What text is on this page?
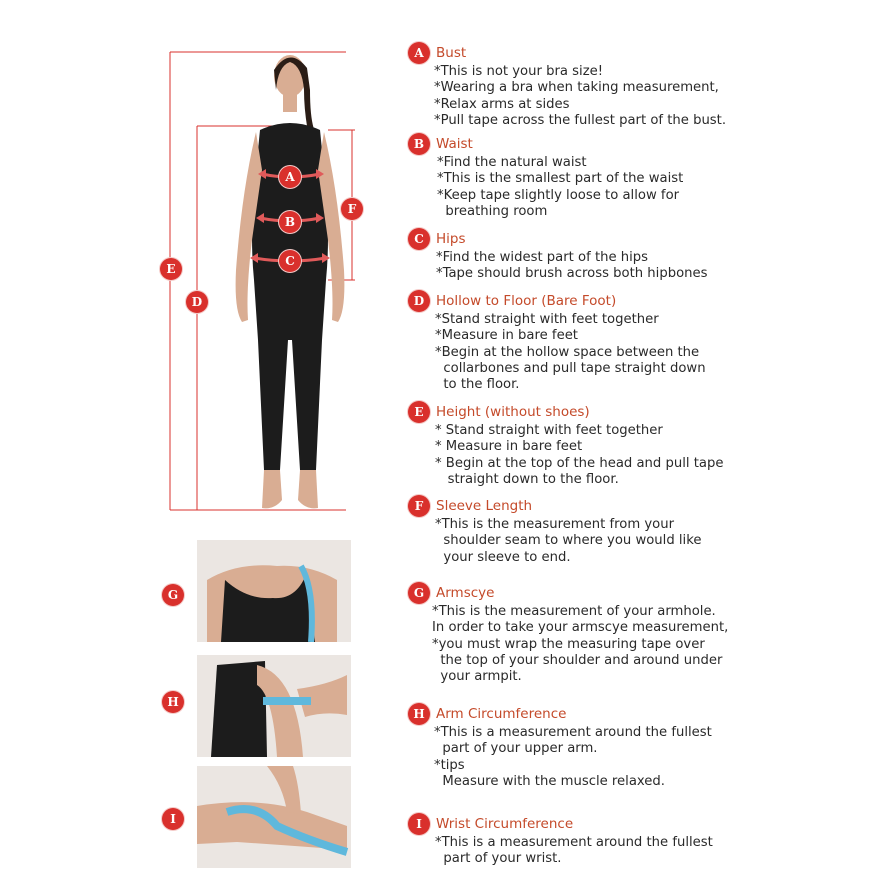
A
B
C
D
E
F
G
H
I
A Bust
*This is not your bra size!
*Wearing a bra when taking measurement,
*Relax arms at sides
*Pull tape across the fullest part of the bust.
B Waist
*Find the natural waist
*This is the smallest part of the waist
*Keep tape slightly loose to allow for
breathing room
C Hips
*Find the widest part of the hips
*Tape should brush across both hipbones
D Hollow to Floor (Bare Foot)
*Stand straight with feet together
*Measure in bare feet
*Begin at the hollow space between the
collarbones and pull tape straight down
to the floor.
E Height (without shoes)
* Stand straight with feet together
* Measure in bare feet
* Begin at the top of the head and pull tape
straight down to the floor.
F Sleeve Length
*This is the measurement from your
shoulder seam to where you would like
your sleeve to end.
G Armscye
*This is the measurement of your armhole.
In order to take your armscye measurement,
*you must wrap the measuring tape over
the top of your shoulder and around under
your armpit.
H Arm Circumference
*This is a measurement around the fullest
part of your upper arm.
*tips
Measure with the muscle relaxed.
I	Wrist Circumference
*This is a measurement around the fullest
part of your wrist.
